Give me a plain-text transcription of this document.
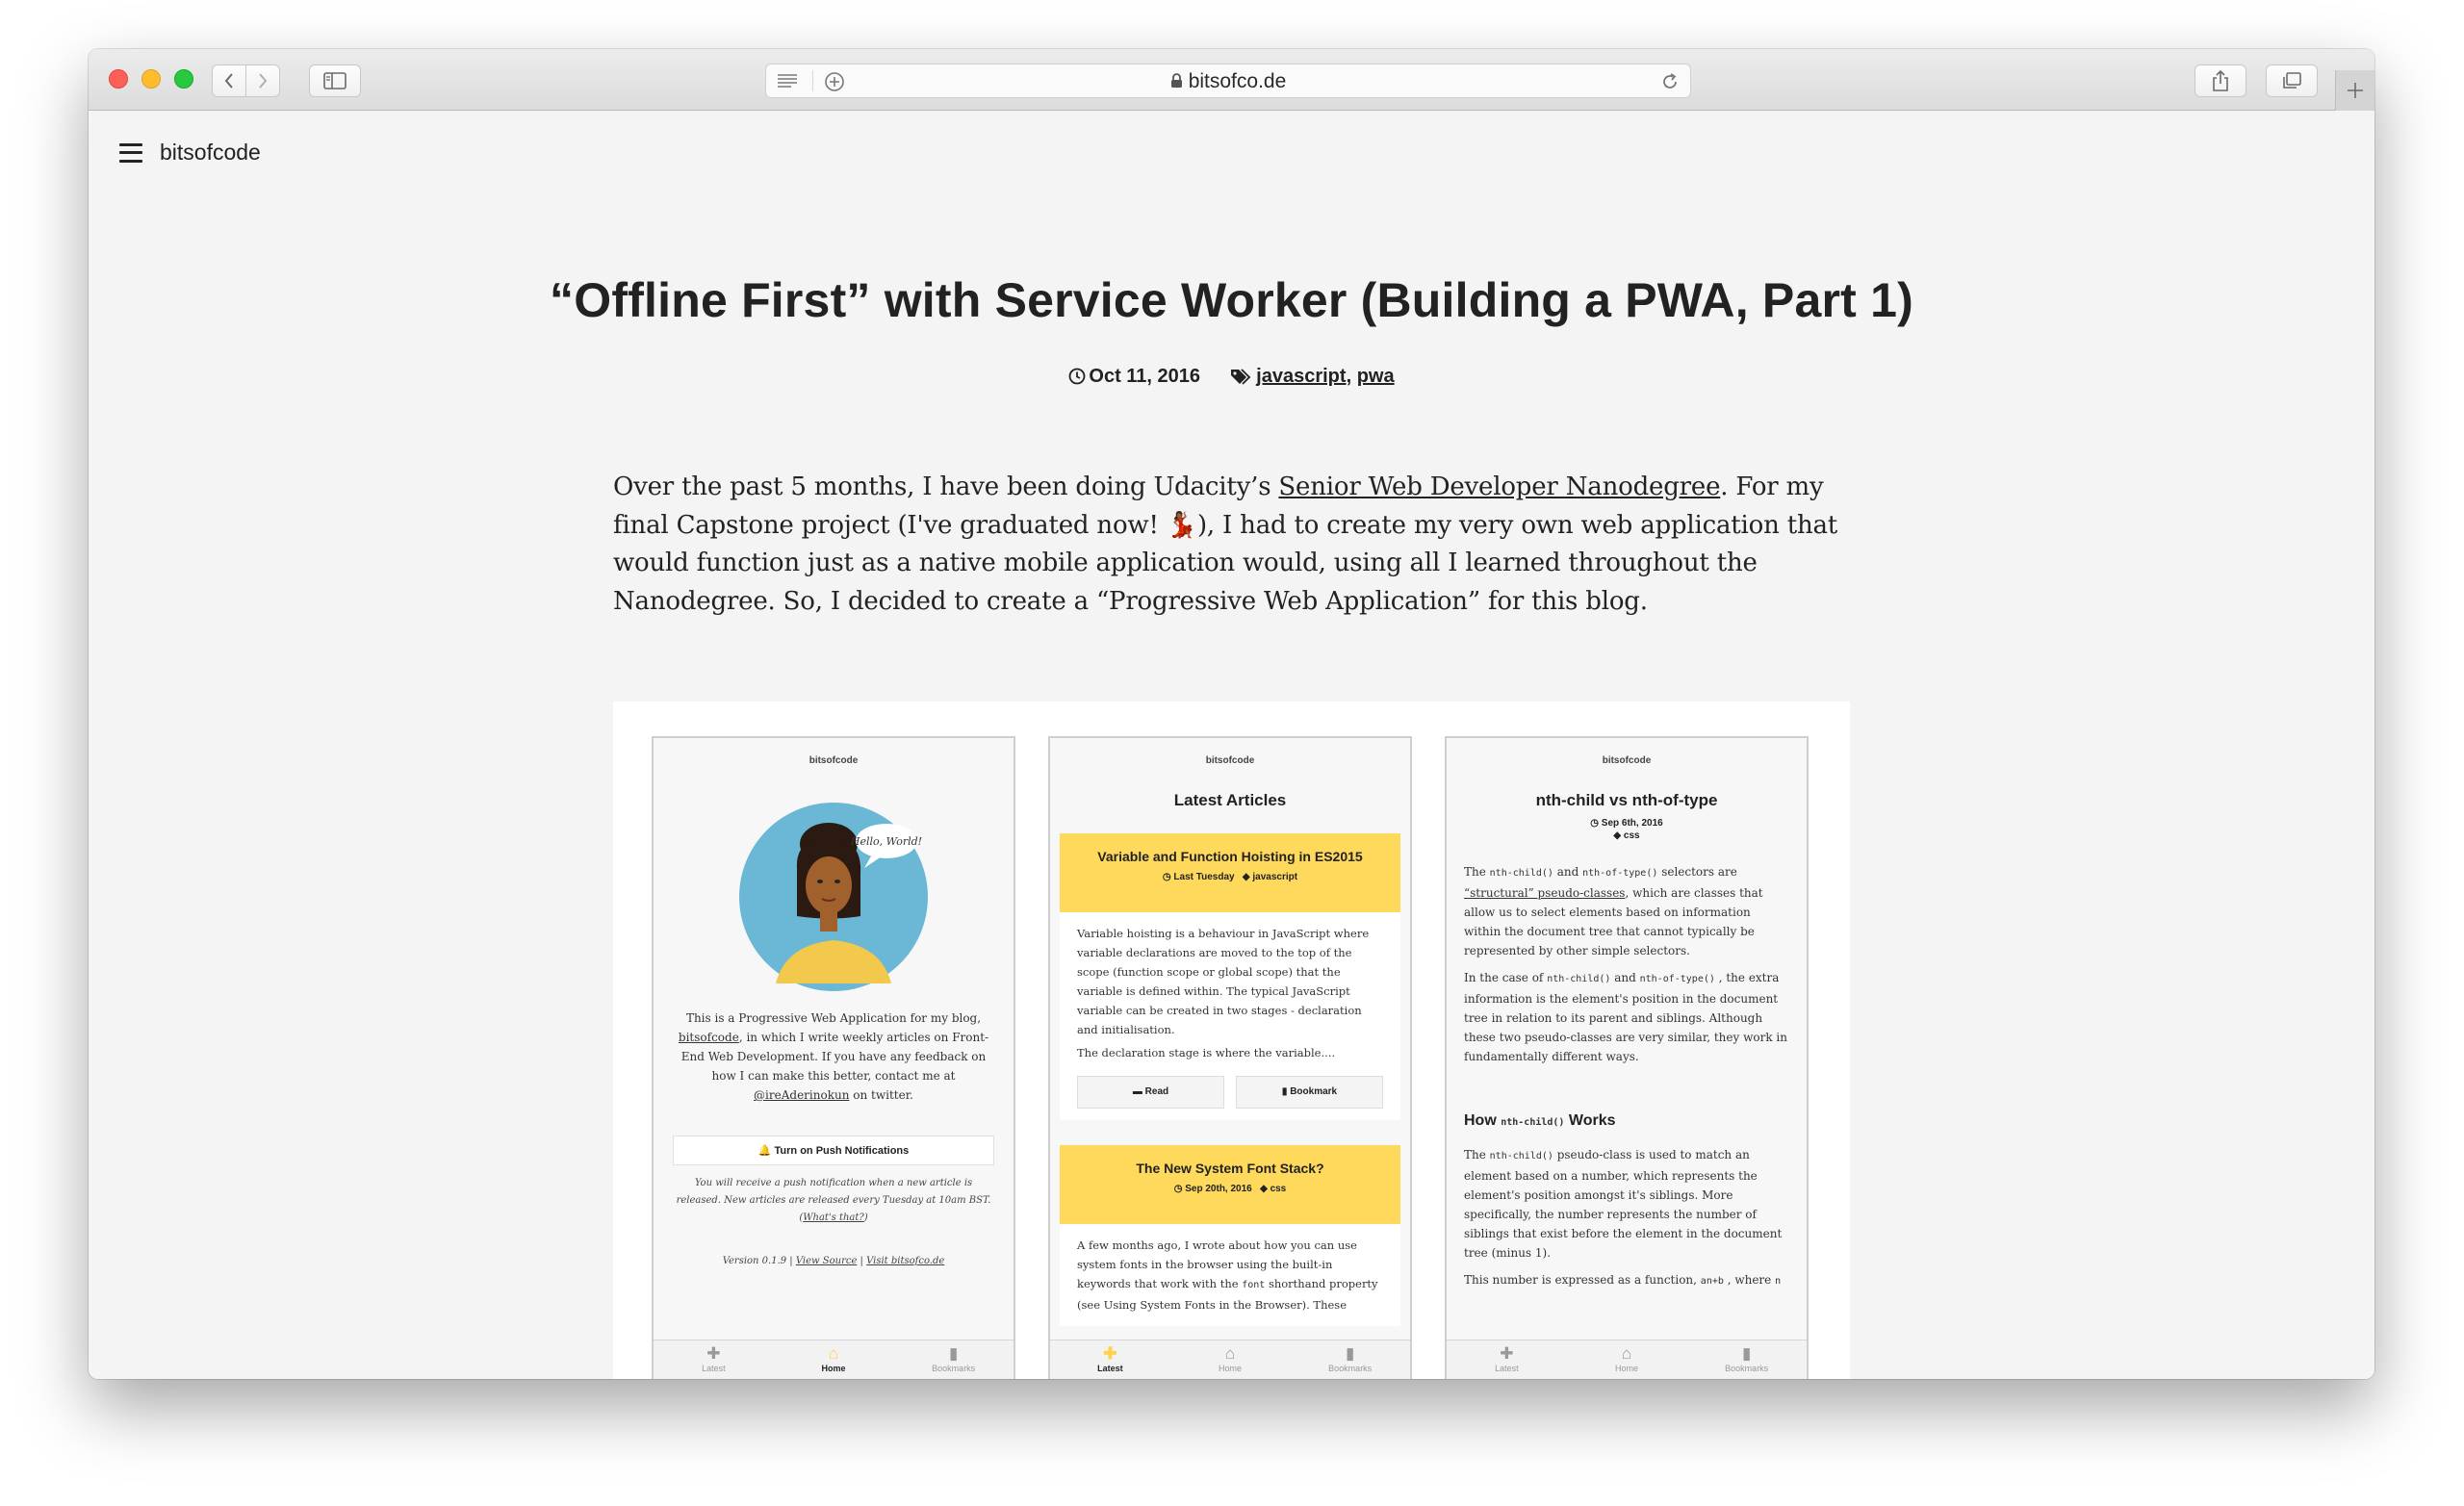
bitsofco.de
bitsofcode
“Offline First” with Service Worker (Building a PWA, Part 1)
Oct 11, 2016	javascript, pwa
Over the past 5 months, I have been doing Udacity’s Senior Web Developer Nanodegree. For my final Capstone project (I've graduated now! 💃🏾), I had to create my very own web application that would function just as a native mobile application would, using all I learned throughout the Nanodegree. So, I decided to create a “Progressive Web Application” for this blog.
bitsofcode
Hello, World!
This is a Progressive Web Application for my blog, bitsofcode, in which I write weekly articles on Front-End Web Development. If you have any feedback on how I can make this better, contact me at @ireAderinokun on twitter.
🔔 Turn on Push Notifications
You will receive a push notification when a new article is released. New articles are released every Tuesday at 10am BST. (What's that?)
Version 0.1.9 | View Source | Visit bitsofco.de
✚
Latest
⌂
Home
▮
Bookmarks
bitsofcode
Latest Articles
Variable and Function Hoisting in ES2015
◷ Last Tuesday ◆ javascript
Variable hoisting is a behaviour in JavaScript where variable declarations are moved to the top of the scope (function scope or global scope) that the variable is defined within. The typical JavaScript variable can be created in two stages - declaration and initialisation.
The declaration stage is where the variable....
▬ Read	▮ Bookmark
The New System Font Stack?
◷ Sep 20th, 2016 ◆ css
A few months ago, I wrote about how you can use system fonts in the browser using the built-in keywords that work with the font shorthand property (see Using System Fonts in the Browser). These
✚
Latest
⌂
Home
▮
Bookmarks
bitsofcode
nth-child vs nth-of-type
◷ Sep 6th, 2016
◆ css
The nth-child() and nth-of-type() selectors are “structural” pseudo-classes, which are classes that allow us to select elements based on information within the document tree that cannot typically be represented by other simple selectors.
In the case of nth-child() and nth-of-type() , the extra information is the element's position in the document tree in relation to its parent and siblings. Although these two pseudo-classes are very similar, they work in fundamentally different ways.
How nth-child() Works
The nth-child() pseudo-class is used to match an element based on a number, which represents the element's position amongst it's siblings. More specifically, the number represents the number of siblings that exist before the element in the document tree (minus 1).
This number is expressed as a function, an+b , where n
✚
Latest
⌂
Home
▮
Bookmarks
